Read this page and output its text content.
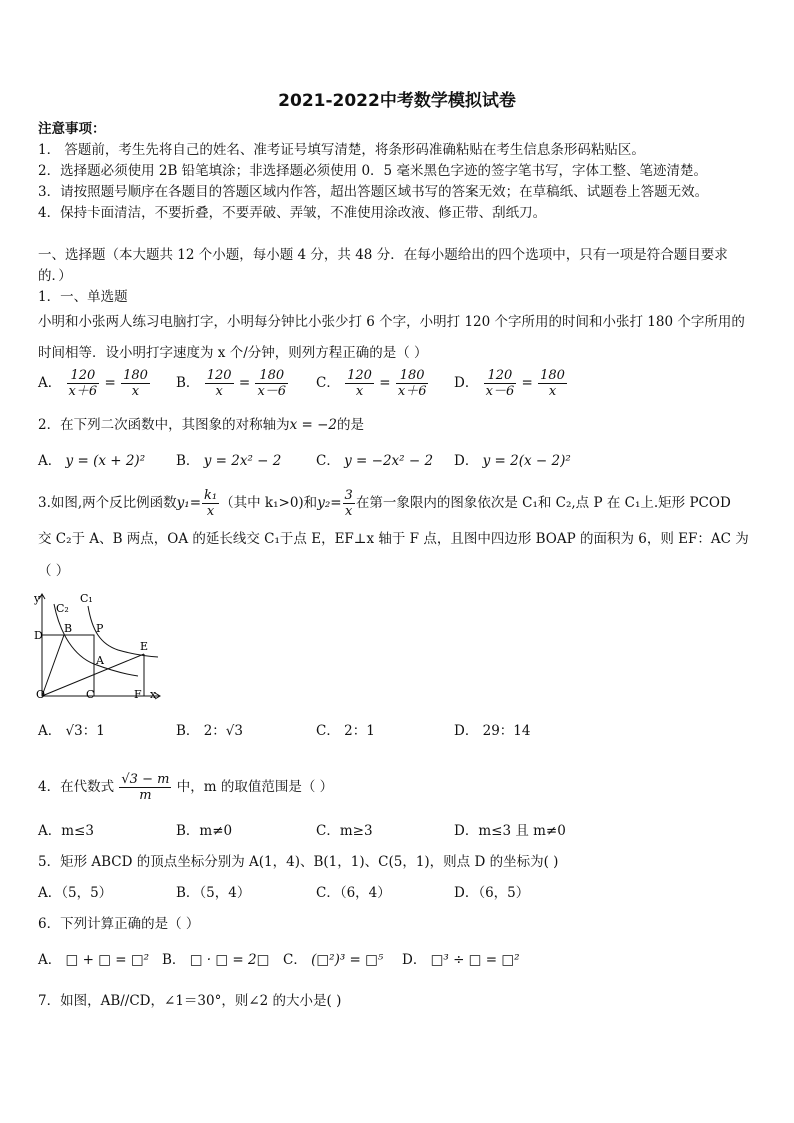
2021-2022中考数学模拟试卷
注意事项：
1． 答题前，考生先将自己的姓名、准考证号填写清楚，将条形码准确粘贴在考生信息条形码粘贴区。
2．选择题必须使用 2B 铅笔填涂；非选择题必须使用 0．5 毫米黑色字迹的签字笔书写，字体工整、笔迹清楚。
3．请按照题号顺序在各题目的答题区域内作答，超出答题区域书写的答案无效；在草稿纸、试题卷上答题无效。
4．保持卡面清洁，不要折叠，不要弄破、弄皱，不准使用涂改液、修正带、刮纸刀。
一、选择题（本大题共 12 个小题，每小题 4 分，共 48 分．在每小题给出的四个选项中，只有一项是符合题目要求
的．）
1．一、单选题
小明和小张两人练习电脑打字，小明每分钟比小张少打 6 个字，小明打 120 个字所用的时间和小张打 180 个字所用的
时间相等．设小明打字速度为 x 个/分钟，则列方程正确的是（ ）
A． $\frac{120}{x+6} = \frac{180}{x}$ B． $\frac{120}{x} = \frac{180}{x-6}$ C． $\frac{120}{x} = \frac{180}{x+6}$ D． $\frac{120}{x-6} = \frac{180}{x}$
2．在下列二次函数中，其图象的对称轴为x = −2的是
A． y = (x + 2)² B． y = 2x² − 2	C． y = −2x² − 2 D． y = 2(x − 2)²
3.如图,两个反比例函数$y_1= \frac{\text{k₁}}{x}$ （其中 k₁>0)和$y_2= \frac{3}{x}$ 在第一象限内的图象依次是 C₁和 C₂,点 P 在 C₁上.矩形 PCOD
交 C₂于 A、B 两点，OA 的延长线交 C₁于点 E，EF⊥x 轴于 F 点，且图中四边形 BOAP 的面积为 6，则 EF：AC 为
（ ）
y
C₂
C₁
D
B P
E
A
O	C	F x
A． √3：1	B． 2：√3	C． 2：1	D． 29：14
4．在代数式 $\frac{√3 - m}{m}$ 中，m 的取值范围是（ ）
A．m≤3	B．m≠0	C．m≥3	D．m≤3 且 m≠0
5．矩形 ABCD 的顶点坐标分别为 A(1，4)、B(1，1)、C(5，1)，则点 D 的坐标为( )
A．（5，5）	B．（5，4）	C．（6，4）	D．（6，5）
6．下列计算正确的是（ ）
A． □ + □ = □² B． □ · □ = 2□ C． (□²)³ = □⁵ D． □³ ÷ □ = □²
7．如图，AB//CD，∠1＝30°，则∠2 的大小是( )
